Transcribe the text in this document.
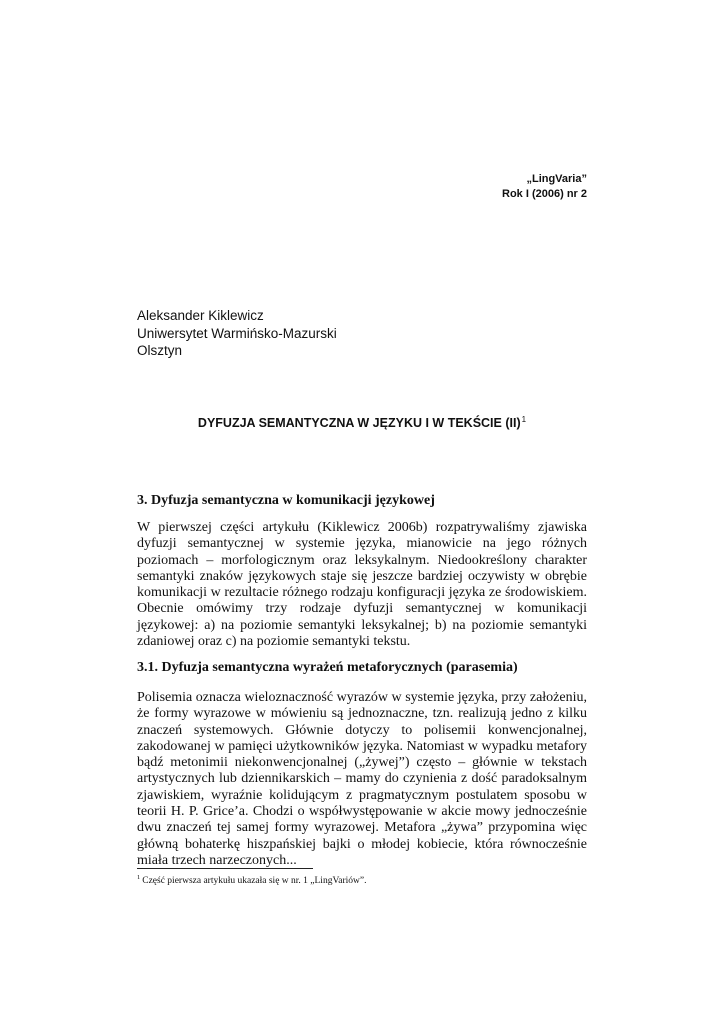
„LingVaria”
Rok I (2006) nr 2
Aleksander Kiklewicz
Uniwersytet Warmińsko-Mazurski
Olsztyn
DYFUZJA SEMANTYCZNA W JĘZYKU I W TEKŚCIE (II)$^1$
3. Dyfuzja semantyczna w komunikacji językowej

W pierwszej części artykułu (Kiklewicz 2006b) rozpatrywaliśmy zjawiska dyfuzji semantycznej w systemie języka, mianowicie na jego różnych poziomach – morfologicznym oraz leksykalnym. Niedookreślony charakter semantyki znaków językowych staje się jeszcze bardziej oczywisty w obrębie komunikacji w rezultacie różnego rodzaju konfiguracji języka ze środowiskiem. Obecnie omówimy trzy rodzaje dyfuzji semantycznej w komunikacji językowej: a) na poziomie semantyki leksykalnej; b) na poziomie semantyki zdaniowej oraz c) na poziomie semantyki tekstu.

3.1. Dyfuzja semantyczna wyrażeń metaforycznych (parasemia)

Polisemia oznacza wieloznaczność wyrazów w systemie języka, przy założeniu, że formy wyrazowe w mówieniu są jednoznaczne, tzn. realizują jedno z kilku znaczeń systemowych. Głównie dotyczy to polisemii konwencjonalnej, zakodowanej w pamięci użytkowników języka. Natomiast w wypadku metafory bądź metonimii niekonwencjonalnej („żywej”) często – głównie w tekstach artystycznych lub dziennikarskich – mamy do czynienia z dość paradoksalnym zjawiskiem, wyraźnie kolidującym z pragmatycznym postulatem sposobu w teorii H. P. Grice’a. Chodzi o współwystępowanie w akcie mowy jednocześnie dwu znaczeń tej samej formy wyrazowej. Metafora „żywa” przypomina więc główną bohaterkę hiszpańskiej bajki o młodej kobiecie, która równocześnie miała trzech narzeczonych...

$^1$ Część pierwsza artykułu ukazała się w nr. 1 „LingVariów”.
